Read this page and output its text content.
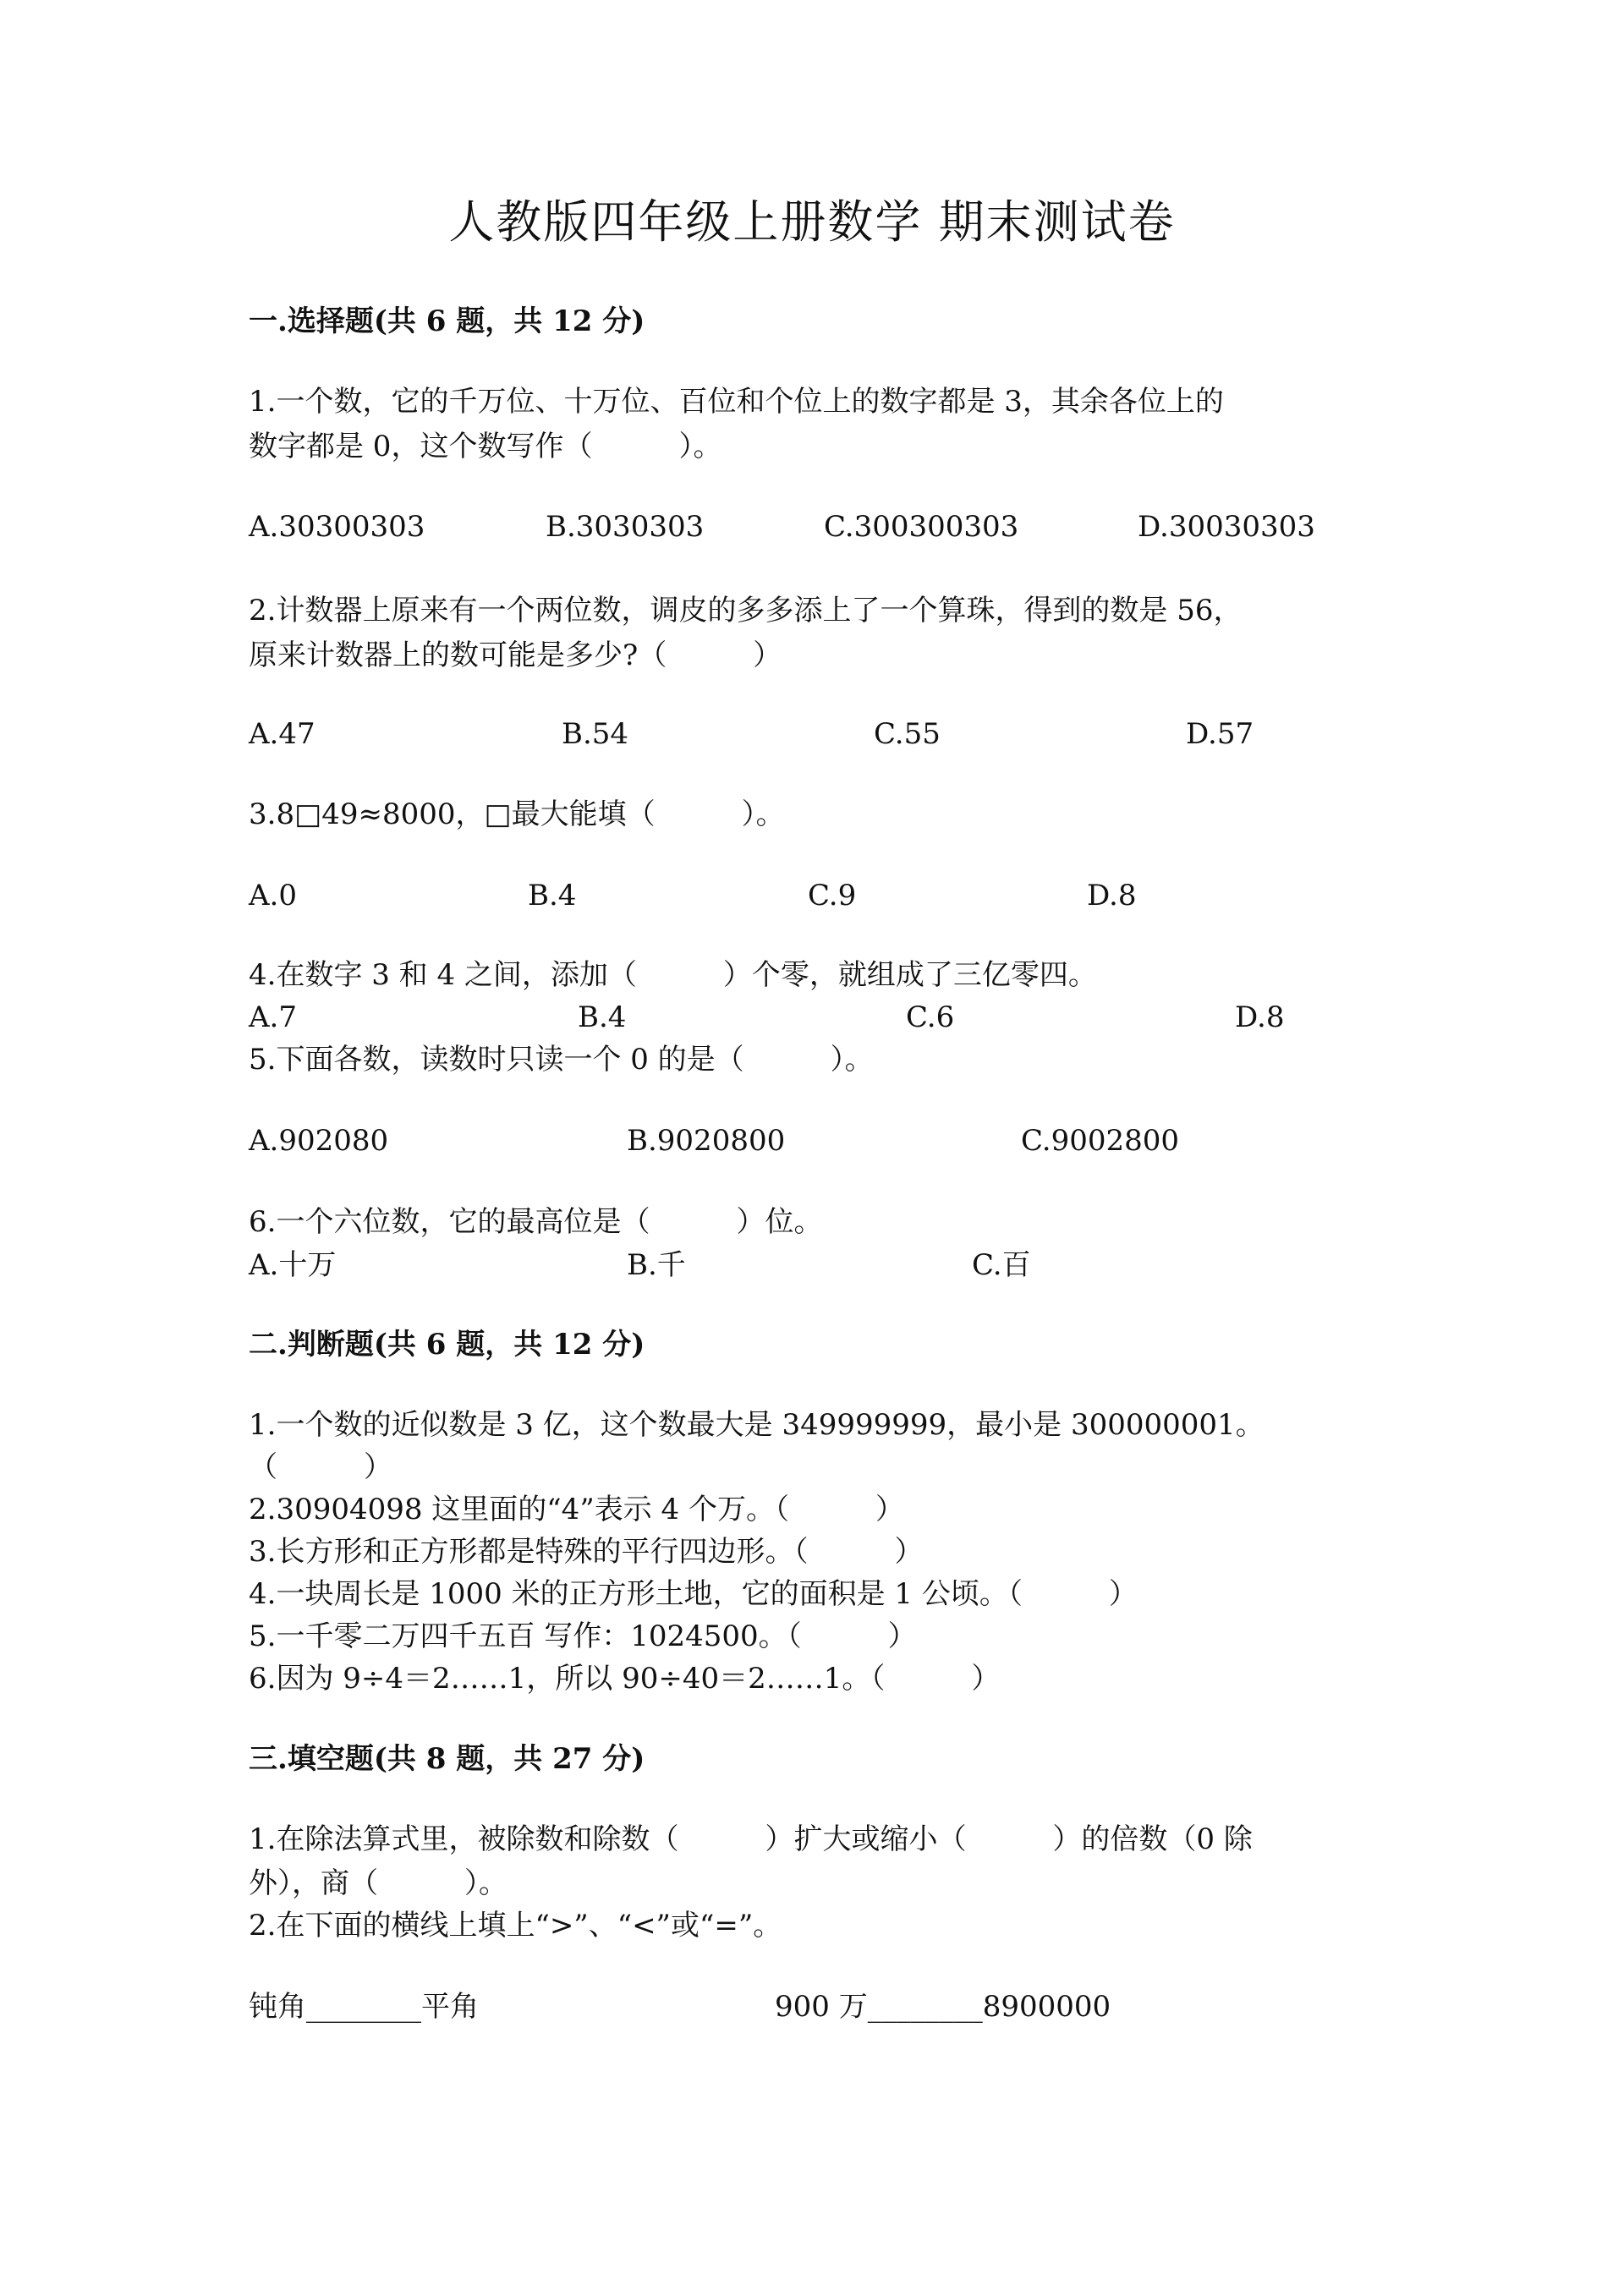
人教版四年级上册数学 期末测试卷
一.选择题(共 6 题，共 12 分)
1.一个数，它的千万位、十万位、百位和个位上的数字都是 3，其余各位上的
数字都是 0，这个数写作（　　　）。
A.30300303	B.3030303	C.300300303	D.30030303
2.计数器上原来有一个两位数，调皮的多多添上了一个算珠，得到的数是 56，
原来计数器上的数可能是多少?（　　　）
A.47	B.54	C.55	D.57
3.8□49≈8000，□最大能填（　　　）。
A.0	B.4	C.9	D.8
4.在数字 3 和 4 之间，添加（　　　）个零，就组成了三亿零四。
A.7	B.4	C.6	D.8
5.下面各数，读数时只读一个 0 的是（　　　）。
A.902080	B.9020800	C.9002800
6.一个六位数，它的最高位是（　　　）位。
A.十万	B.千	C.百
二.判断题(共 6 题，共 12 分)
1.一个数的近似数是 3 亿，这个数最大是 349999999，最小是 300000001。
（　　　）
2.30904098 这里面的“4”表示 4 个万。（　　　）
3.长方形和正方形都是特殊的平行四边形。（　　　）
4.一块周长是 1000 米的正方形土地，它的面积是 1 公顷。（　　　）
5.一千零二万四千五百 写作：1024500。（　　　）
6.因为 9÷4＝2……1，所以 90÷40＝2……1。（　　　）
三.填空题(共 8 题，共 27 分)
1.在除法算式里，被除数和除数（　　　）扩大或缩小（　　　）的倍数（0 除
外），商（　　　）。
2.在下面的横线上填上“>”、“<”或“=”。
钝角________平角	900 万________8900000
